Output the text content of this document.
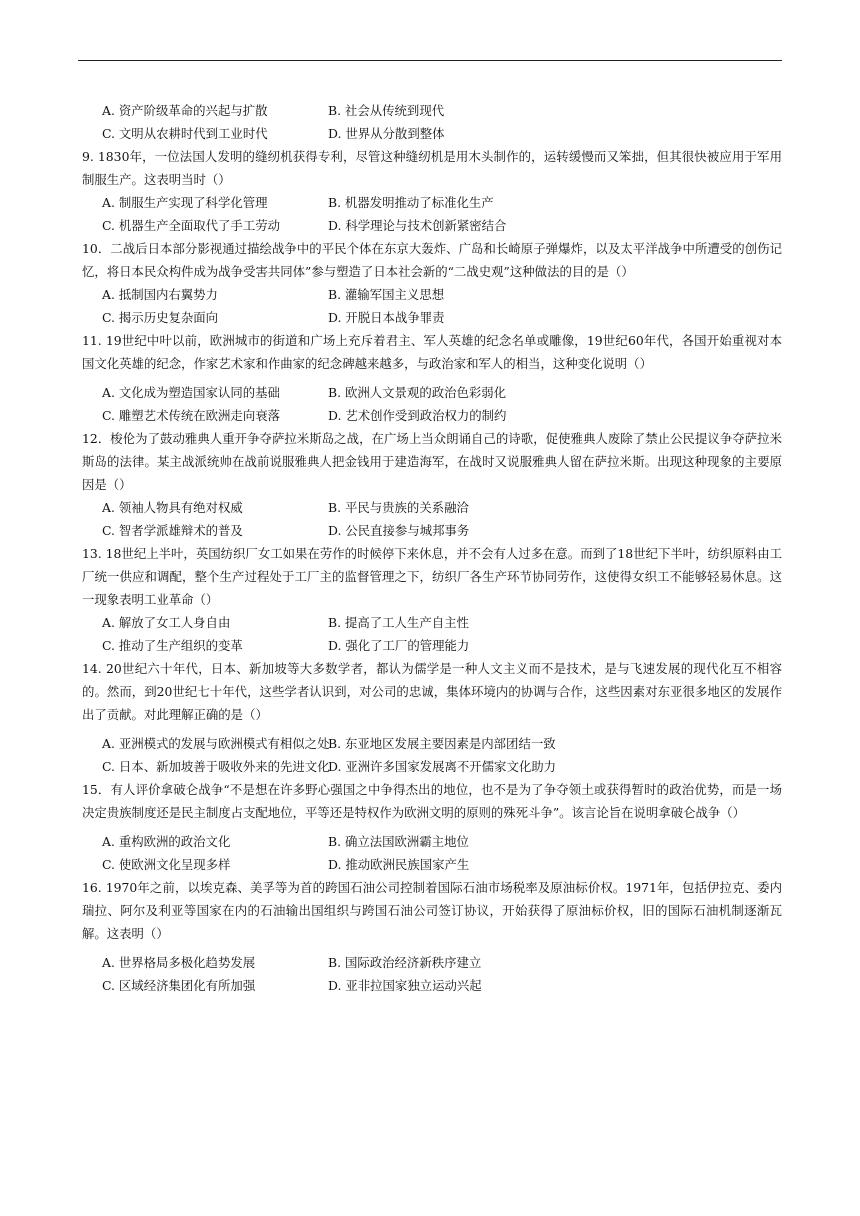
A. 资产阶级革命的兴起与扩散	B. 社会从传统到现代
C. 文明从农耕时代到工业时代	D. 世界从分散到整体

9. 1830年，一位法国人发明的缝纫机获得专利，尽管这种缝纫机是用木头制作的，运转缓慢而又笨拙，但其很快被应用于军用制服生产。这表明当时（）

A. 制服生产实现了科学化管理	B. 机器发明推动了标准化生产
C. 机器生产全面取代了手工劳动	D. 科学理论与技术创新紧密结合

10．二战后日本部分影视通过描绘战争中的平民个体在东京大轰炸、广岛和长崎原子弹爆炸，以及太平洋战争中所遭受的创伤记忆，将日本民众构件成为战争受害共同体”参与塑造了日本社会新的“二战史观”这种做法的目的是（）

A. 抵制国内右翼势力	B. 灌输军国主义思想
C. 揭示历史复杂面向	D. 开脱日本战争罪责

11. 19世纪中叶以前，欧洲城市的街道和广场上充斥着君主、军人英雄的纪念名单或雕像，19世纪60年代，各国开始重视对本国文化英雄的纪念，作家艺术家和作曲家的纪念碑越来越多，与政治家和军人的相当，这种变化说明（）

A. 文化成为塑造国家认同的基础	B. 欧洲人文景观的政治色彩弱化
C. 雕塑艺术传统在欧洲走向衰落	D. 艺术创作受到政治权力的制约

12．梭伦为了鼓动雅典人重开争夺萨拉米斯岛之战，在广场上当众朗诵自己的诗歌，促使雅典人废除了禁止公民提议争夺萨拉米斯岛的法律。某主战派统帅在战前说服雅典人把金钱用于建造海军，在战时又说服雅典人留在萨拉米斯。出现这种现象的主要原因是（）

A. 领袖人物具有绝对权威	B. 平民与贵族的关系融洽
C. 智者学派雄辩术的普及	D. 公民直接参与城邦事务

13. 18世纪上半叶，英国纺织厂女工如果在劳作的时候停下来休息，并不会有人过多在意。而到了18世纪下半叶，纺织原料由工厂统一供应和调配，整个生产过程处于工厂主的监督管理之下，纺织厂各生产环节协同劳作，这使得女织工不能够轻易休息。这一现象表明工业革命（）

A. 解放了女工人身自由	B. 提高了工人生产自主性
C. 推动了生产组织的变革	D. 强化了工厂的管理能力

14. 20世纪六十年代，日本、新加坡等大多数学者，都认为儒学是一种人文主义而不是技术，是与飞速发展的现代化互不相容的。然而，到20世纪七十年代，这些学者认识到，对公司的忠诚，集体环境内的协调与合作，这些因素对东亚很多地区的发展作出了贡献。对此理解正确的是（）

A. 亚洲模式的发展与欧洲模式有相似之处
B. 东亚地区发展主要因素是内部团结一致
C. 日本、新加坡善于吸收外来的先进文化
D. 亚洲许多国家发展离不开儒家文化助力

15．有人评价拿破仑战争“不是想在许多野心强国之中争得杰出的地位，也不是为了争夺领土或获得暂时的政治优势，而是一场决定贵族制度还是民主制度占支配地位，平等还是特权作为欧洲文明的原则的殊死斗争”。该言论旨在说明拿破仑战争（）

A. 重构欧洲的政治文化	B. 确立法国欧洲霸主地位
C. 使欧洲文化呈现多样	D. 推动欧洲民族国家产生

16. 1970年之前，以埃克森、美孚等为首的跨国石油公司控制着国际石油市场税率及原油标价权。1971年，包括伊拉克、委内瑞拉、阿尔及利亚等国家在内的石油输出国组织与跨国石油公司签订协议，开始获得了原油标价权，旧的国际石油机制逐渐瓦解。这表明（）

A. 世界格局多极化趋势发展	B. 国际政治经济新秩序建立
C. 区域经济集团化有所加强	D. 亚非拉国家独立运动兴起
